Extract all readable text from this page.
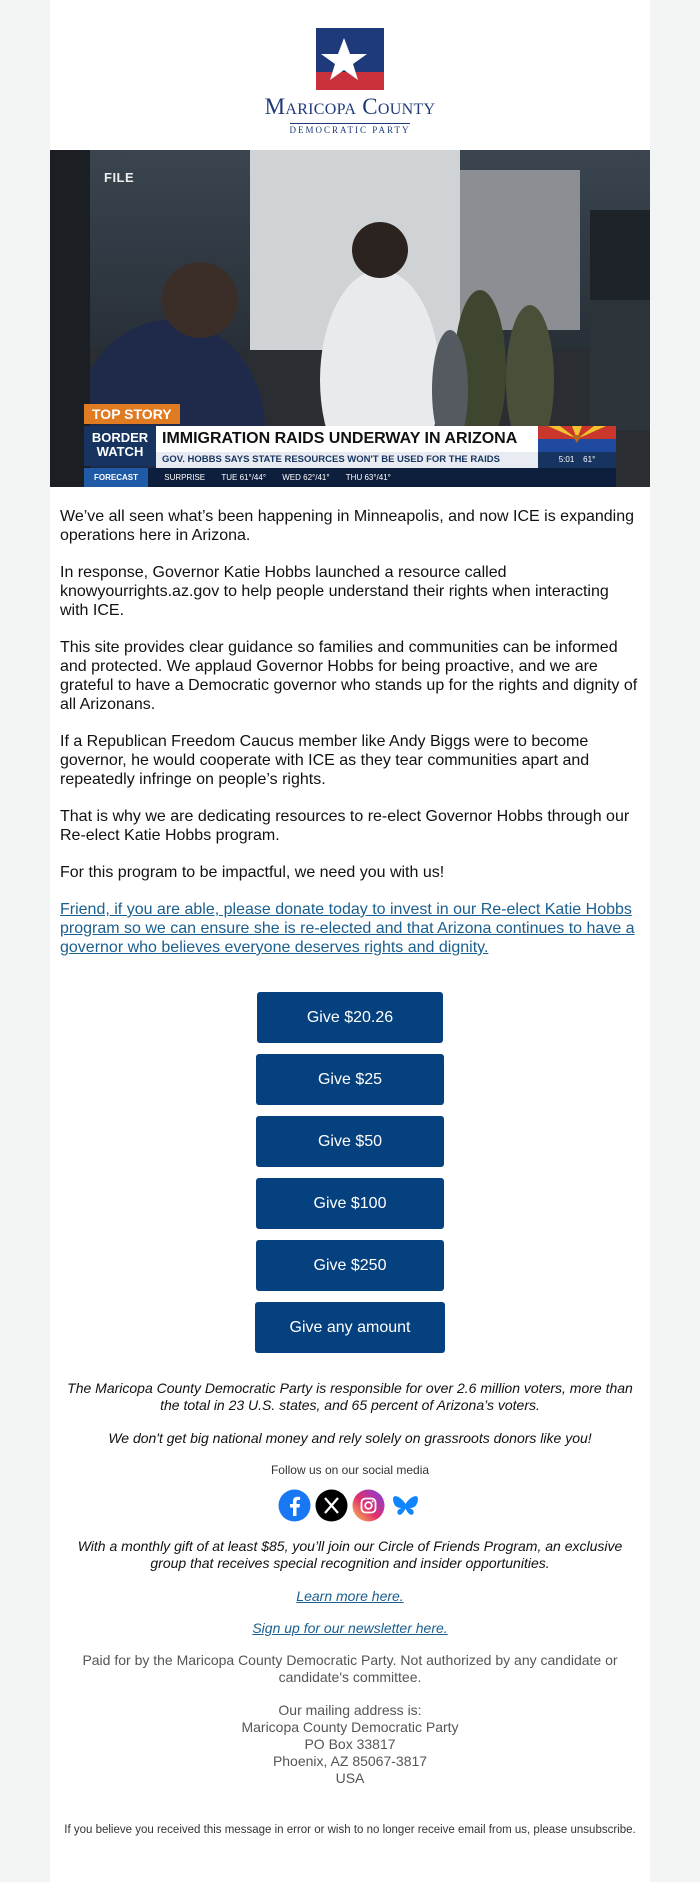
Maricopa County
DEMOCRATIC PARTY
FILE
TOP STORY
BORDER
WATCH
IMMIGRATION RAIDS UNDERWAY IN ARIZONA
GOV. HOBBS SAYS STATE RESOURCES WON'T BE USED FOR THE RAIDS	5:01 61°
FORECAST	SURPRISE TUE 61°/44° WED 62°/41° THU 63°/41°

We’ve all seen what’s been happening in Minneapolis, and now ICE is expanding operations here in Arizona.

In response, Governor Katie Hobbs launched a resource called knowyourrights.az.gov to help people understand their rights when interacting with ICE.

This site provides clear guidance so families and communities can be informed and protected. We applaud Governor Hobbs for being proactive, and we are grateful to have a Democratic governor who stands up for the rights and dignity of all Arizonans.

If a Republican Freedom Caucus member like Andy Biggs were to become governor, he would cooperate with ICE as they tear communities apart and repeatedly infringe on people’s rights.

That is why we are dedicating resources to re-elect Governor Hobbs through our Re-elect Katie Hobbs program.

For this program to be impactful, we need you with us!

Friend, if you are able, please donate today to invest in our Re-elect Katie Hobbs program so we can ensure she is re-elected and that Arizona continues to have a governor who believes everyone deserves rights and dignity.

Give $20.26
Give $25
Give $50
Give $100
Give $250
Give any amount

The Maricopa County Democratic Party is responsible for over 2.6 million voters, more than the total in 23 U.S. states, and 65 percent of Arizona’s voters.

We don't get big national money and rely solely on grassroots donors like you!

Follow us on our social media

With a monthly gift of at least $85, you’ll join our Circle of Friends Program, an exclusive group that receives special recognition and insider opportunities.

Learn more here.
Sign up for our newsletter here.

Paid for by the Maricopa County Democratic Party. Not authorized by any candidate or candidate's committee.

Our mailing address is:
Maricopa County Democratic Party
PO Box 33817
Phoenix, AZ 85067-3817
USA

If you believe you received this message in error or wish to no longer receive email from us, please unsubscribe.
